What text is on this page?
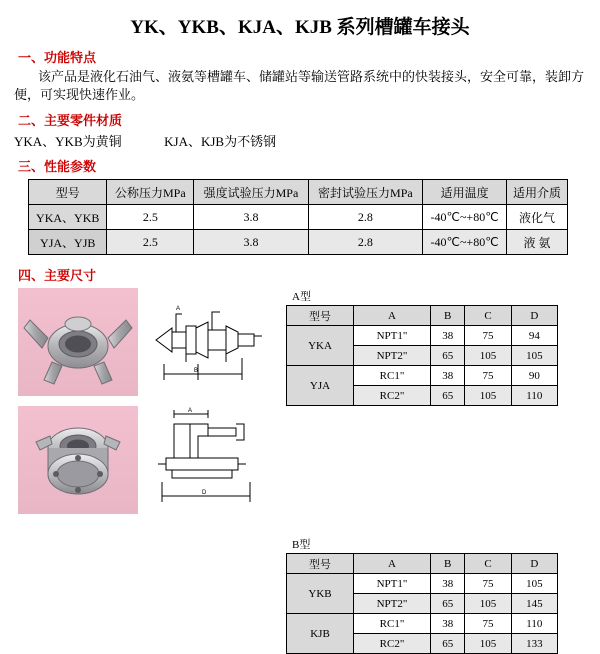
YK、YKB、KJA、KJB 系列槽罐车接头
一、功能特点
该产品是液化石油气、液氨等槽罐车、储罐站等输送管路系统中的快装接头，安全可靠，装卸方便，可实现快速作业。
二、主要零件材质
YKA、YKB为黄铜	KJA、KJB为不锈钢
三、性能参数
型号	公称压力MPa	强度试验压力MPa	密封试验压力MPa	适用温度	适用介质
YKA、YKB	2.5	3.8	2.8	-40℃~+80℃	液化气
YJA、YJB	2.5	3.8	2.8	-40℃~+80℃	液 氨
四、主要尺寸
B
A
A型
型号	A	B	C	D
YKA	NPT1"	38	75	94
	NPT2"	65	105	105
YJA	RC1"	38	75	90
	RC2"	65	105	110
A
D
B型
型号	A	B	C	D
YKB	NPT1"	38	75	105
	NPT2"	65	105	145
KJB	RC1"	38	75	110
	RC2"	65	105	133
